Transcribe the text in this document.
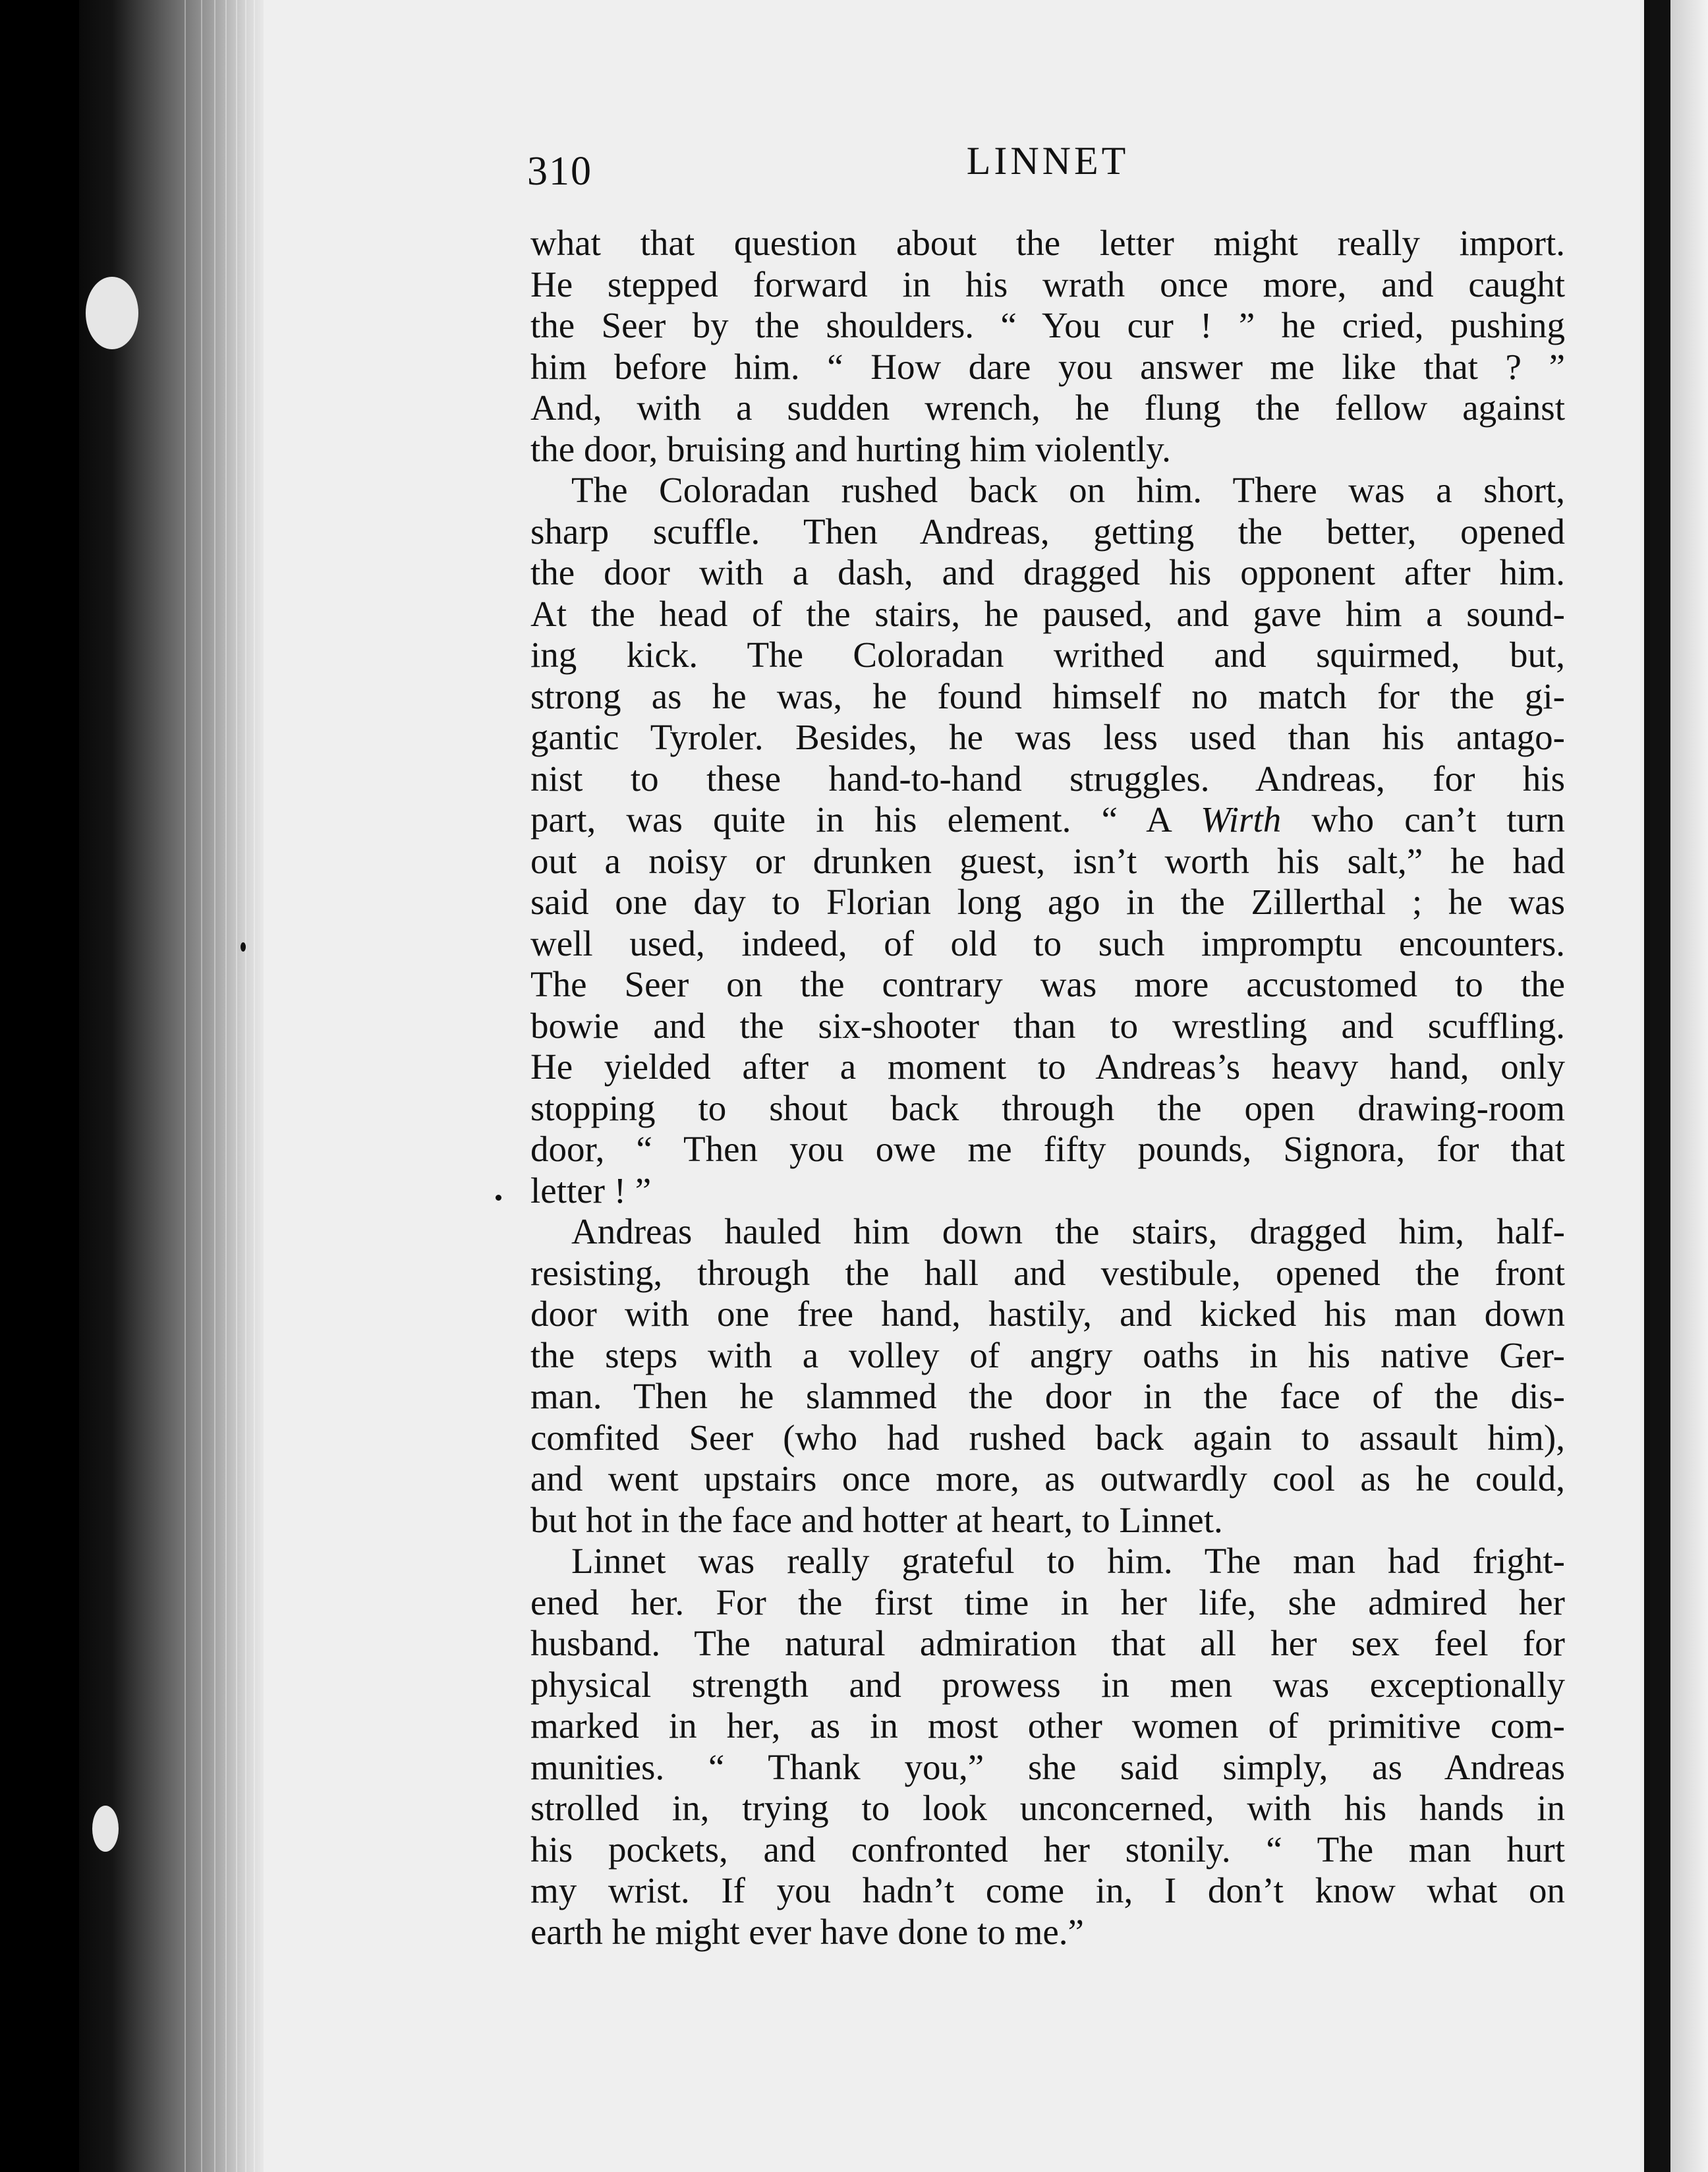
310	LINNET
what that question about the letter might really import.
He stepped forward in his wrath once more, and caught
the Seer by the shoulders. “ You cur ! ” he cried, pushing
him before him. “ How dare you answer me like that ? ”
And, with a sudden wrench, he flung the fellow against
the door, bruising and hurting him violently.
The Coloradan rushed back on him. There was a short,
sharp scuffle. Then Andreas, getting the better, opened
the door with a dash, and dragged his opponent after him.
At the head of the stairs, he paused, and gave him a sound-
ing kick. The Coloradan writhed and squirmed, but,
strong as he was, he found himself no match for the gi-
gantic Tyroler. Besides, he was less used than his antago-
nist to these hand-to-hand struggles. Andreas, for his
part, was quite in his element. “ A Wirth who can’t turn
out a noisy or drunken guest, isn’t worth his salt,” he had
said one day to Florian long ago in the Zillerthal ; he was
well used, indeed, of old to such impromptu encounters.
The Seer on the contrary was more accustomed to the
bowie and the six-shooter than to wrestling and scuffling.
He yielded after a moment to Andreas’s heavy hand, only
stopping to shout back through the open drawing-room
door, “ Then you owe me fifty pounds, Signora, for that
letter ! ”
Andreas hauled him down the stairs, dragged him, half-
resisting, through the hall and vestibule, opened the front
door with one free hand, hastily, and kicked his man down
the steps with a volley of angry oaths in his native Ger-
man. Then he slammed the door in the face of the dis-
comfited Seer (who had rushed back again to assault him),
and went upstairs once more, as outwardly cool as he could,
but hot in the face and hotter at heart, to Linnet.
Linnet was really grateful to him. The man had fright-
ened her. For the first time in her life, she admired her
husband. The natural admiration that all her sex feel for
physical strength and prowess in men was exceptionally
marked in her, as in most other women of primitive com-
munities. “ Thank you,” she said simply, as Andreas
strolled in, trying to look unconcerned, with his hands in
his pockets, and confronted her stonily. “ The man hurt
my wrist. If you hadn’t come in, I don’t know what on
earth he might ever have done to me.”
